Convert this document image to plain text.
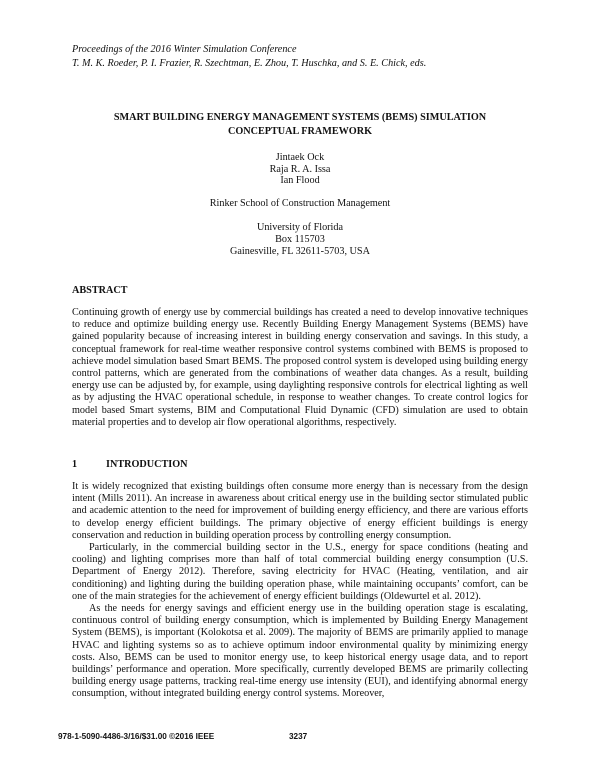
Proceedings of the 2016 Winter Simulation Conference
T. M. K. Roeder, P. I. Frazier, R. Szechtman, E. Zhou, T. Huschka, and S. E. Chick, eds.
SMART BUILDING ENERGY MANAGEMENT SYSTEMS (BEMS) SIMULATION
CONCEPTUAL FRAMEWORK
Jintaek Ock
Raja R. A. Issa
Ian Flood
Rinker School of Construction Management
University of Florida
Box 115703
Gainesville, FL 32611-5703, USA
ABSTRACT
Continuing growth of energy use by commercial buildings has created a need to develop innovative techniques to reduce and optimize building energy use. Recently Building Energy Management Systems (BEMS) have gained popularity because of increasing interest in building energy conservation and savings. In this study, a conceptual framework for real-time weather responsive control systems combined with BEMS is proposed to achieve model simulation based Smart BEMS. The proposed control system is developed using building energy control patterns, which are generated from the combinations of weather data changes. As a result, building energy use can be adjusted by, for example, using daylighting responsive controls for electrical lighting as well as by adjusting the HVAC operational schedule, in response to weather changes. To create control logics for model based Smart systems, BIM and Computational Fluid Dynamic (CFD) simulation are used to obtain material properties and to develop air flow operational algorithms, respectively.
1	INTRODUCTION

It is widely recognized that existing buildings often consume more energy than is necessary from the design intent (Mills 2011). An increase in awareness about critical energy use in the building sector stimulated public and academic attention to the need for improvement of building energy efficiency, and there are various efforts to develop energy efficient buildings. The primary objective of energy efficient buildings is energy conservation and reduction in building operation process by controlling energy consumption.

Particularly, in the commercial building sector in the U.S., energy for space conditions (heating and cooling) and lighting comprises more than half of total commercial building energy consumption (U.S. Department of Energy 2012). Therefore, saving electricity for HVAC (Heating, ventilation, and air conditioning) and lighting during the building operation phase, while maintaining occupants’ comfort, can be one of the main strategies for the achievement of energy efficient buildings (Oldewurtel et al. 2012).

As the needs for energy savings and efficient energy use in the building operation stage is escalating, continuous control of building energy consumption, which is implemented by Building Energy Management System (BEMS), is important (Kolokotsa et al. 2009). The majority of BEMS are primarily applied to manage HVAC and lighting systems so as to achieve optimum indoor environmental quality by minimizing energy costs. Also, BEMS can be used to monitor energy use, to keep historical energy usage data, and to report buildings’ performance and operation. More specifically, currently developed BEMS are primarily collecting building energy usage patterns, tracking real-time energy use intensity (EUI), and identifying abnormal energy consumption, without integrated building energy control systems. Moreover,

978-1-5090-4486-3/16/$31.00 ©2016 IEEE	3237
